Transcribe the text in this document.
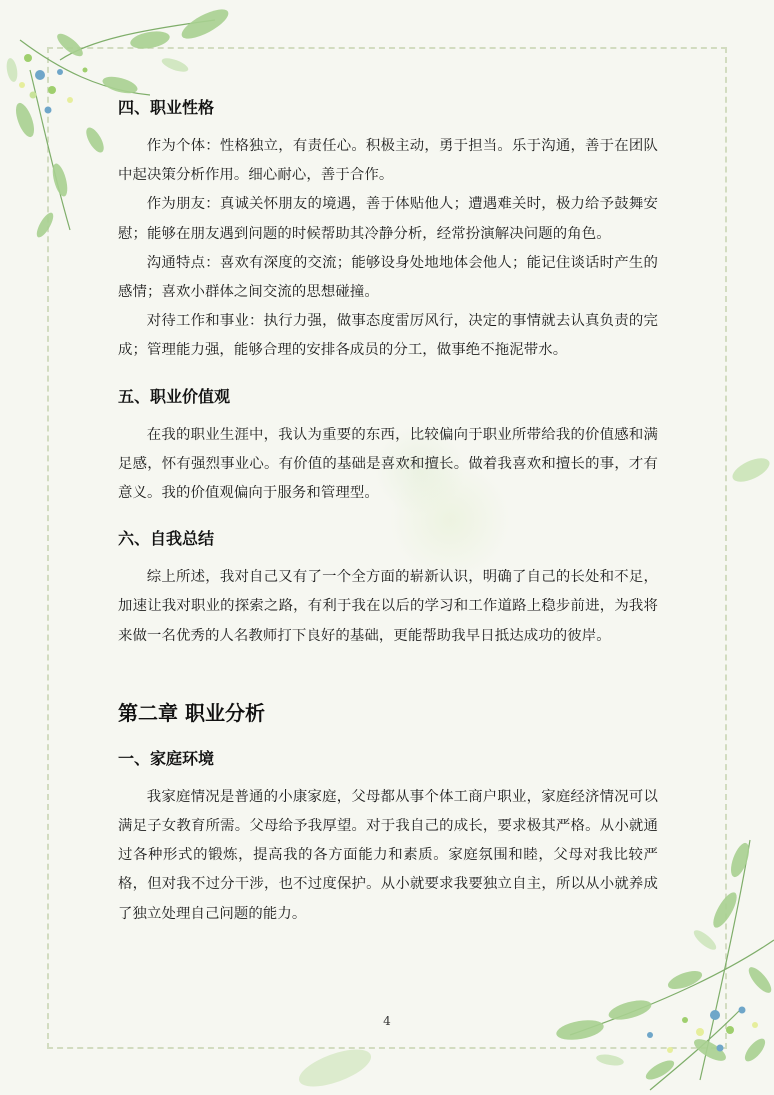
四、职业性格

作为个体：性格独立，有责任心。积极主动，勇于担当。乐于沟通，善于在团队中起决策分析作用。细心耐心，善于合作。

作为朋友：真诚关怀朋友的境遇，善于体贴他人；遭遇难关时，极力给予鼓舞安慰；能够在朋友遇到问题的时候帮助其冷静分析，经常扮演解决问题的角色。

沟通特点：喜欢有深度的交流；能够设身处地地体会他人；能记住谈话时产生的感情；喜欢小群体之间交流的思想碰撞。

对待工作和事业：执行力强，做事态度雷厉风行，决定的事情就去认真负责的完成；管理能力强，能够合理的安排各成员的分工，做事绝不拖泥带水。

五、职业价值观

在我的职业生涯中，我认为重要的东西，比较偏向于职业所带给我的价值感和满足感，怀有强烈事业心。有价值的基础是喜欢和擅长。做着我喜欢和擅长的事，才有意义。我的价值观偏向于服务和管理型。

六、自我总结

综上所述，我对自己又有了一个全方面的崭新认识，明确了自己的长处和不足，加速让我对职业的探索之路，有利于我在以后的学习和工作道路上稳步前进，为我将来做一名优秀的人名教师打下良好的基础，更能帮助我早日抵达成功的彼岸。

第二章 职业分析
一、家庭环境

我家庭情况是普通的小康家庭，父母都从事个体工商户职业，家庭经济情况可以满足子女教育所需。父母给予我厚望。对于我自己的成长，要求极其严格。从小就通过各种形式的锻炼，提高我的各方面能力和素质。家庭氛围和睦，父母对我比较严格，但对我不过分干涉，也不过度保护。从小就要求我要独立自主，所以从小就养成了独立处理自己问题的能力。

4
